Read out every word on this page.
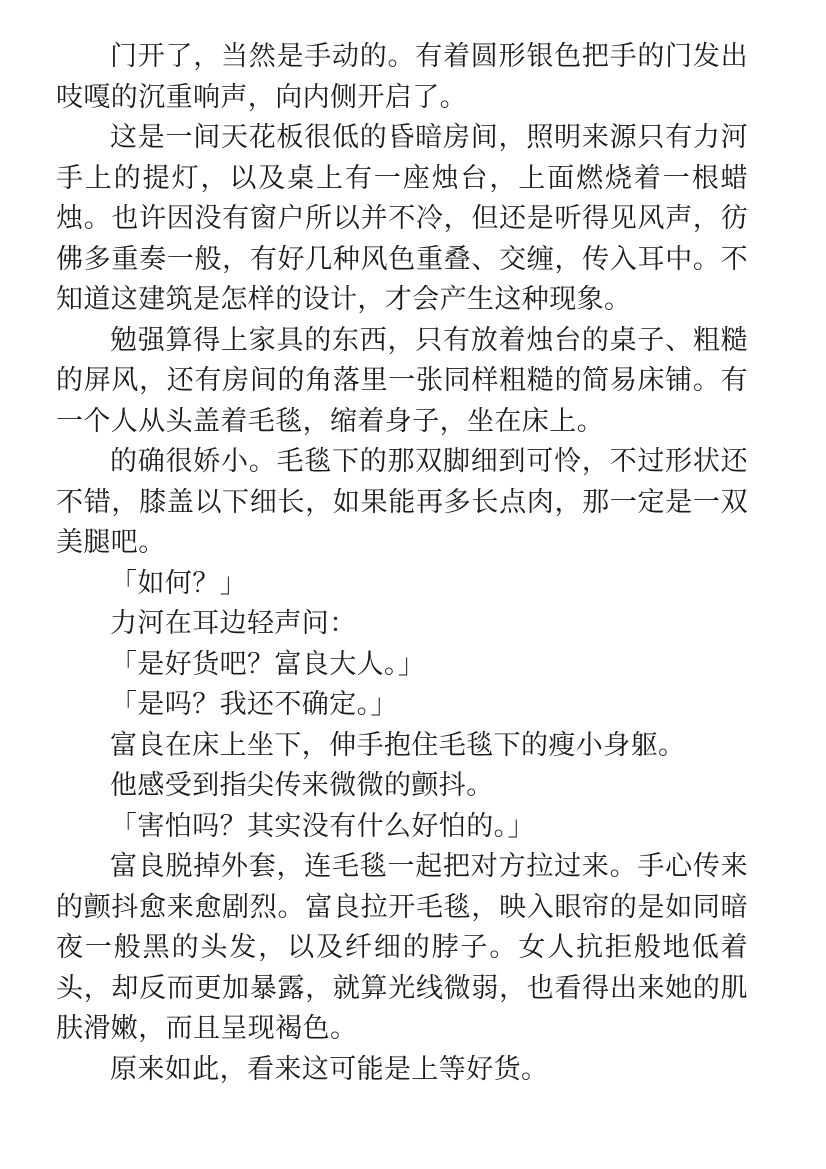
门开了，当然是手动的。有着圆形银色把手的门发出吱嘎的沉重响声，向内侧开启了。

这是一间天花板很低的昏暗房间，照明来源只有力河手上的提灯，以及桌上有一座烛台，上面燃烧着一根蜡烛。也许因没有窗户所以并不冷，但还是听得见风声，彷佛多重奏一般，有好几种风色重叠、交缠，传入耳中。不知道这建筑是怎样的设计，才会产生这种现象。

勉强算得上家具的东西，只有放着烛台的桌子、粗糙的屏风，还有房间的角落里一张同样粗糙的简易床铺。有一个人从头盖着毛毯，缩着身子，坐在床上。

的确很娇小。毛毯下的那双脚细到可怜，不过形状还不错，膝盖以下细长，如果能再多长点肉，那一定是一双美腿吧。

「如何？」

力河在耳边轻声问：

「是好货吧？富良大人。」

「是吗？我还不确定。」

富良在床上坐下，伸手抱住毛毯下的瘦小身躯。

他感受到指尖传来微微的颤抖。

「害怕吗？其实没有什么好怕的。」

富良脱掉外套，连毛毯一起把对方拉过来。手心传来的颤抖愈来愈剧烈。富良拉开毛毯，映入眼帘的是如同暗夜一般黑的头发，以及纤细的脖子。女人抗拒般地低着头，却反而更加暴露，就算光线微弱，也看得出来她的肌肤滑嫩，而且呈现褐色。

原来如此，看来这可能是上等好货。
